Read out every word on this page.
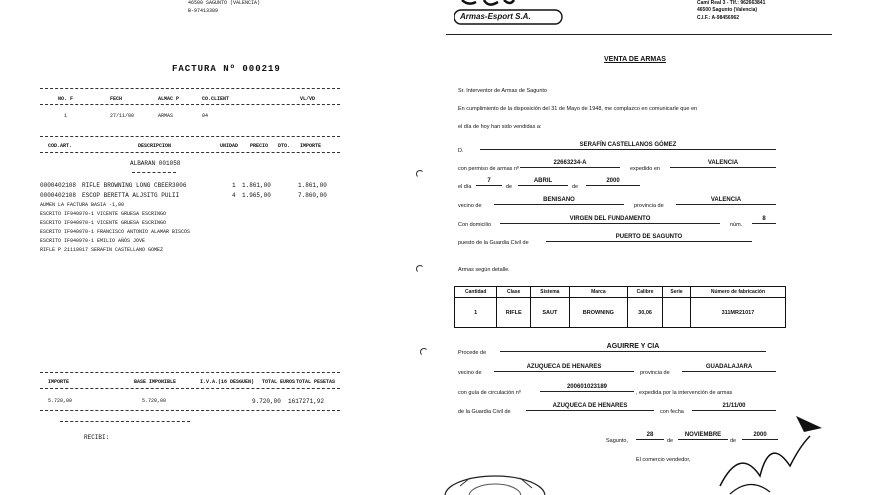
46500 SAGUNTO (VALENCIA)
B-97413389
FACTURA Nº 000219
NO. F	FECH	ALMAC P	CO.CLIENT	VL/VD
1	27/11/00	ARMAS	04
COD.ART.	DESCRIPCION	UNIDAD PRECIO DTO. IMPORTE
ALBARAN 001058
0000402108 RIFLE BROWNING LONG CBEER3006	1 1.861,00	1.861,00
0000402108 ESCOP BERETTA ALJSITG PULII	4 1.965,00	7.860,00
AUMEN LA FACTURA BASIA -1,00
ESCRITO IF940970-1 VICENTE GRUESA ESCRINGO
ESCRITO IF940970-1 VICENTE GRUESA ESCRINGO
ESCRITO IF940970-1 FRANCISCO ANTONIO ALAMAR BISCOS
ESCRITO IF940970-1 EMILIO AÑÓS JOVE
RIFLE P 21110017 SERAFIN CASTELLANO GOMEZ
IMPORTE	BASE IMPONIBLE	I.V.A.(16 DESGUEN) TOTAL EUROS TOTAL PESETAS
5.720,00	5.720,00	9.720,00 1617271,92
RECIBI:
Armas-Esport S.A.
Camí Real 3 - Tlf.: 962663841
46500 Sagunto (Valencia)
C.I.F.: A-98456962
VENTA DE ARMAS
Sr. Interventor de Armas de Sagunto
En cumplimiento de la disposición del 31 de Mayo de 1948, me complazco en comunicarle que en
el día de hoy han sido vendidas a:
D.
SERAFÍN CASTELLANOS GÓMEZ
con permiso de armas nº
22663234-A
expedido en
VALENCIA
el día
7
de
ABRIL
de
2000
vecino de
BENISANO
provincia de
VALENCIA
Con domicilio
VIRGEN DEL FUNDAMENTO
núm.
8
puesto de la Guardia Civil de
PUERTO DE SAGUNTO
Armas según detalle.
Cantidad	Clase	Sistema	Marca	Calibre	Serie	Número de fabricación
1	RIFLE	SAUT	BROWNING	30,06		311MR21017
Procede de
AGUIRRE Y CIA
vecino de
AZUQUECA DE HENARES
provincia de
GUADALAJARA
con guía de circulación nº
200601023189
, expedida por la intervención de armas
de la Guardia Civil de
AZUQUECA DE HENARES
con fecha
21/11/00
Sagunto,
28
de
NOVIEMBRE
de
2000
El comercio vendedor,
